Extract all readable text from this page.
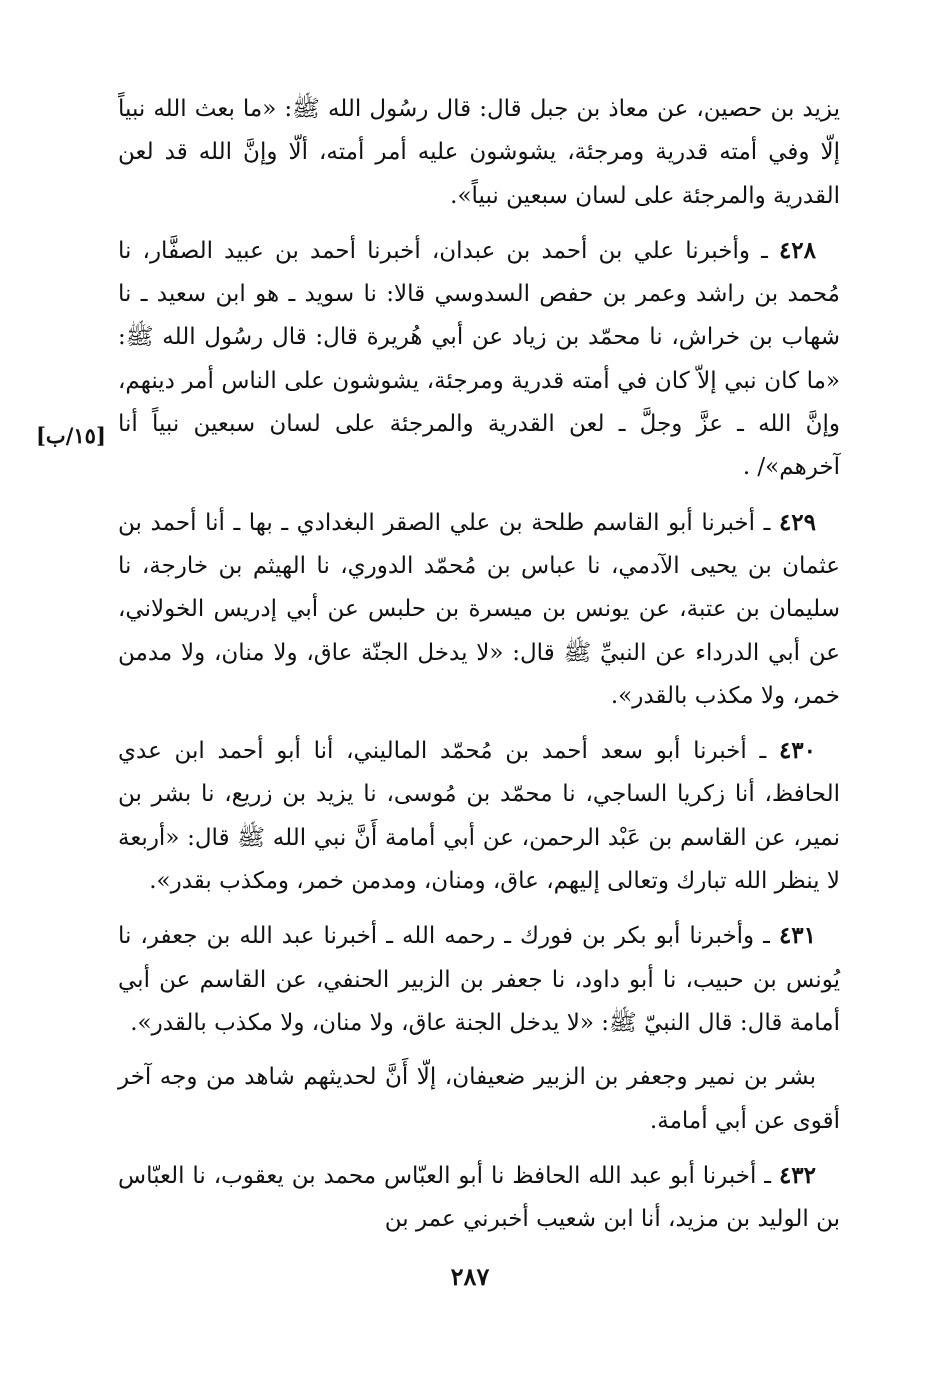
يزيد بن حصين، عن معاذ بن جبل قال: قال رسُول الله ﷺ: «ما بعث الله نبياً إلّا وفي أمته قدرية ومرجئة، يشوشون عليه أمر أمته، ألّا وإنَّ الله قد لعن القدرية والمرجئة على لسان سبعين نبياً».

٤٢٨ ـ وأخبرنا علي بن أحمد بن عبدان، أخبرنا أحمد بن عبيد الصفَّار، نا مُحمد بن راشد وعمر بن حفص السدوسي قالا: نا سويد ـ هو ابن سعيد ـ نا شهاب بن خراش، نا محمّد بن زياد عن أبي هُريرة قال: قال رسُول الله ﷺ: «ما كان نبي إلاّ كان في أمته قدرية ومرجئة، يشوشون على الناس أمر دينهم، وإنَّ الله ـ عزَّ وجلَّ ـ لعن القدرية والمرجئة على لسان سبعين نبياً أنا آخرهم»/ .

٤٢٩ ـ أخبرنا أبو القاسم طلحة بن علي الصقر البغدادي ـ بها ـ أنا أحمد بن عثمان بن يحيى الآدمي، نا عباس بن مُحمّد الدوري، نا الهيثم بن خارجة، نا سليمان بن عتبة، عن يونس بن ميسرة بن حلبس عن أبي إدريس الخولاني، عن أبي الدرداء عن النبيِّ ﷺ قال: «لا يدخل الجنّة عاق، ولا منان، ولا مدمن خمر، ولا مكذب بالقدر».

٤٣٠ ـ أخبرنا أبو سعد أحمد بن مُحمّد الماليني، أنا أبو أحمد ابن عدي الحافظ، أنا زكريا الساجي، نا محمّد بن مُوسى، نا يزيد بن زريع، نا بشر بن نمير، عن القاسم بن عَبْد الرحمن، عن أبي أمامة أَنَّ نبي الله ﷺ قال: «أربعة لا ينظر الله تبارك وتعالى إليهم، عاق، ومنان، ومدمن خمر، ومكذب بقدر».

٤٣١ ـ وأخبرنا أبو بكر بن فورك ـ رحمه الله ـ أخبرنا عبد الله بن جعفر، نا يُونس بن حبيب، نا أبو داود، نا جعفر بن الزبير الحنفي، عن القاسم عن أبي أمامة قال: قال النبيّ ﷺ: «لا يدخل الجنة عاق، ولا منان، ولا مكذب بالقدر».

بشر بن نمير وجعفر بن الزبير ضعيفان، إلّا أَنَّ لحديثهم شاهد من وجه آخر أقوى عن أبي أمامة.

٤٣٢ ـ أخبرنا أبو عبد الله الحافظ نا أبو العبّاس محمد بن يعقوب، نا العبّاس بن الوليد بن مزيد، أنا ابن شعيب أخبرني عمر بن

[١٥/ب]
٢٨٧
